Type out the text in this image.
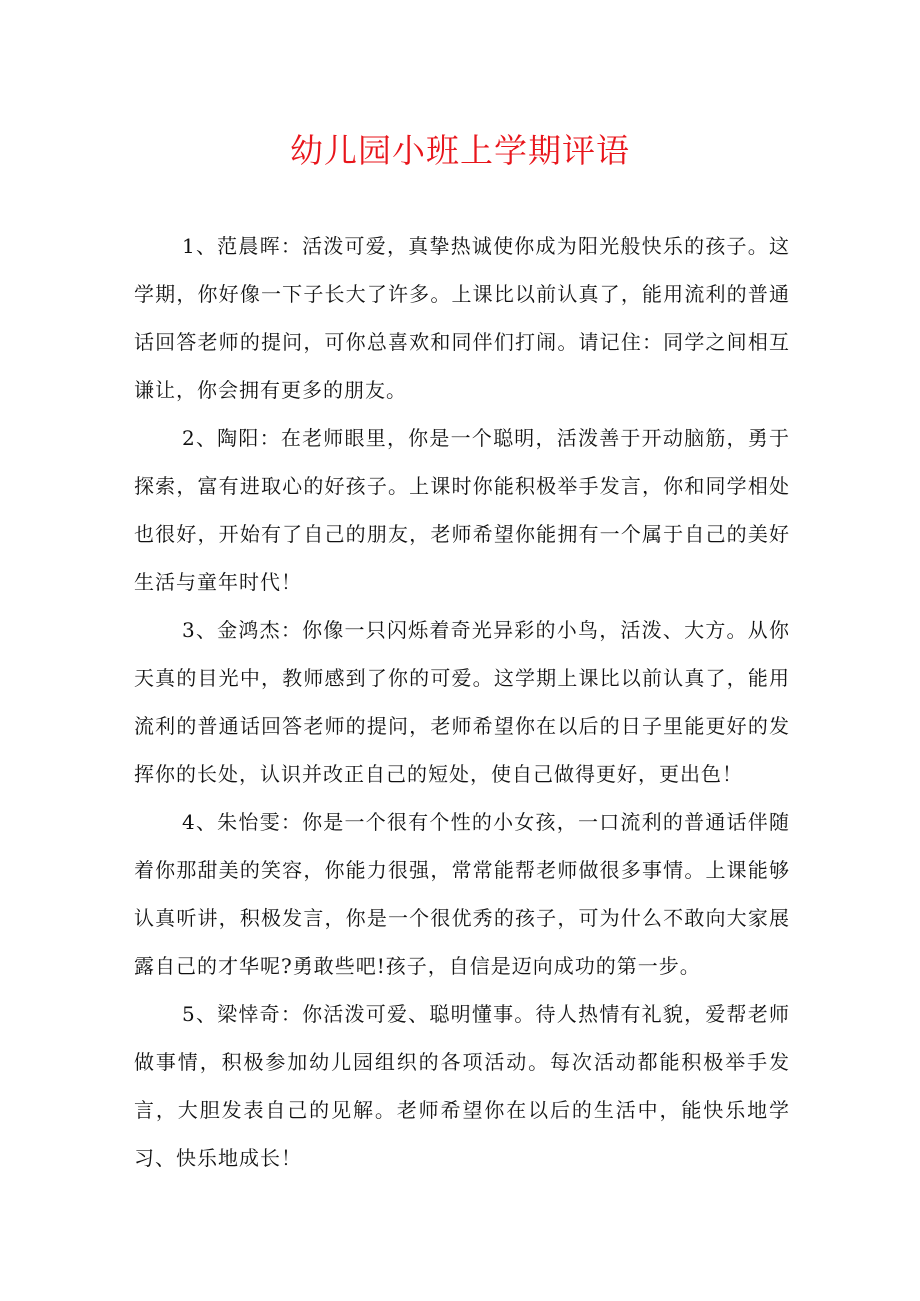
幼儿园小班上学期评语

1、范晨晖：活泼可爱，真挚热诚使你成为阳光般快乐的孩子。这学期，你好像一下子长大了许多。上课比以前认真了，能用流利的普通话回答老师的提问，可你总喜欢和同伴们打闹。请记住：同学之间相互谦让，你会拥有更多的朋友。

2、陶阳：在老师眼里，你是一个聪明，活泼善于开动脑筋，勇于探索，富有进取心的好孩子。上课时你能积极举手发言，你和同学相处也很好，开始有了自己的朋友，老师希望你能拥有一个属于自己的美好生活与童年时代！

3、金鸿杰：你像一只闪烁着奇光异彩的小鸟，活泼、大方。从你天真的目光中，教师感到了你的可爱。这学期上课比以前认真了，能用流利的普通话回答老师的提问，老师希望你在以后的日子里能更好的发挥你的长处，认识并改正自己的短处，使自己做得更好，更出色！

4、朱怡雯：你是一个很有个性的小女孩，一口流利的普通话伴随着你那甜美的笑容，你能力很强，常常能帮老师做很多事情。上课能够认真听讲，积极发言，你是一个很优秀的孩子，可为什么不敢向大家展露自己的才华呢?勇敢些吧!孩子，自信是迈向成功的第一步。

5、梁悻奇：你活泼可爱、聪明懂事。待人热情有礼貌，爱帮老师做事情，积极参加幼儿园组织的各项活动。每次活动都能积极举手发言，大胆发表自己的见解。老师希望你在以后的生活中，能快乐地学习、快乐地成长！
